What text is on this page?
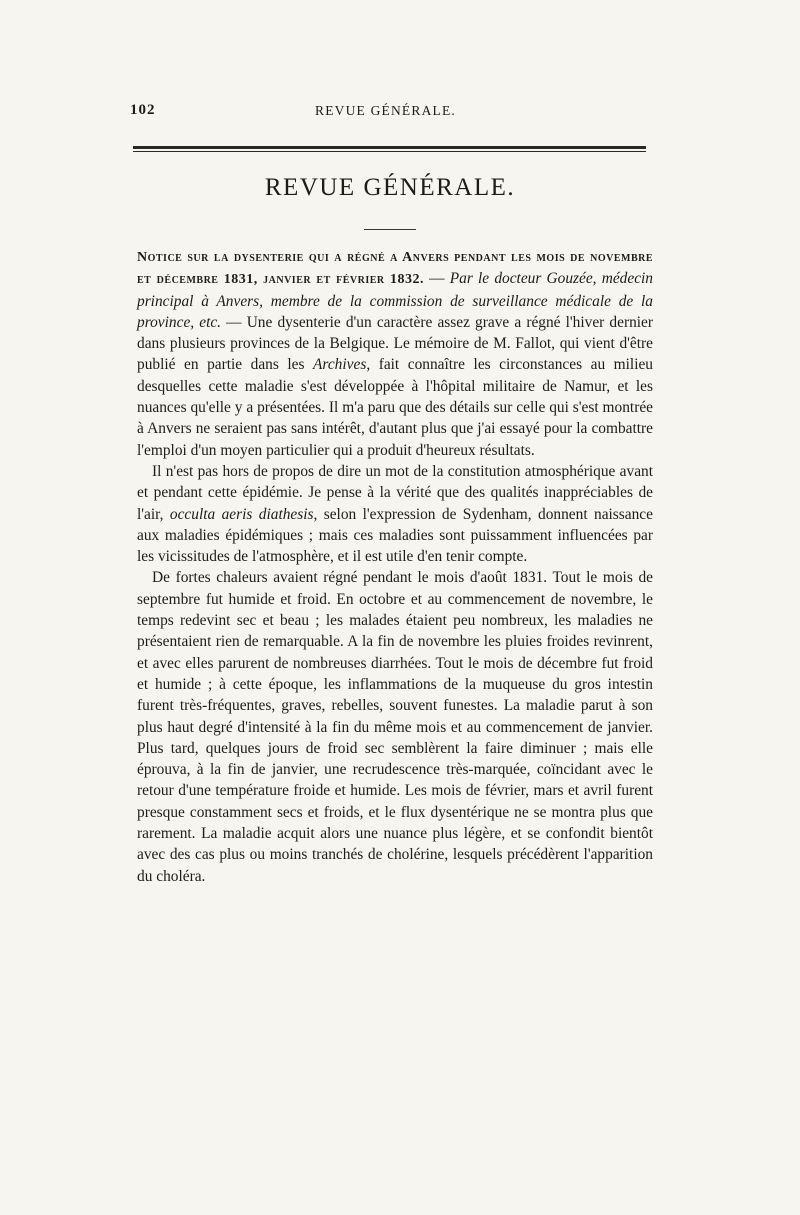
102	REVUE GÉNÉRALE.
REVUE GÉNÉRALE.

Notice sur la dysenterie qui a régné a Anvers pendant les mois de novembre et décembre 1831, janvier et février 1832. — Par le docteur Gouzée, médecin principal à Anvers, membre de la commission de surveillance médicale de la province, etc. — Une dysenterie d'un caractère assez grave a régné l'hiver dernier dans plusieurs provinces de la Belgique. Le mémoire de M. Fallot, qui vient d'être publié en partie dans les Archives, fait connaître les circonstances au milieu desquelles cette maladie s'est développée à l'hôpital militaire de Namur, et les nuances qu'elle y a présentées. Il m'a paru que des détails sur celle qui s'est montrée à Anvers ne seraient pas sans intérêt, d'autant plus que j'ai essayé pour la combattre l'emploi d'un moyen particulier qui a produit d'heureux résultats.

Il n'est pas hors de propos de dire un mot de la constitution atmosphérique avant et pendant cette épidémie. Je pense à la vérité que des qualités inappréciables de l'air, occulta aeris diathesis, selon l'expression de Sydenham, donnent naissance aux maladies épidémiques ; mais ces maladies sont puissamment influencées par les vicissitudes de l'atmosphère, et il est utile d'en tenir compte.

De fortes chaleurs avaient régné pendant le mois d'août 1831. Tout le mois de septembre fut humide et froid. En octobre et au commencement de novembre, le temps redevint sec et beau ; les malades étaient peu nombreux, les maladies ne présentaient rien de remarquable. A la fin de novembre les pluies froides revinrent, et avec elles parurent de nombreuses diarrhées. Tout le mois de décembre fut froid et humide ; à cette époque, les inflammations de la muqueuse du gros intestin furent très-fréquentes, graves, rebelles, souvent funestes. La maladie parut à son plus haut degré d'intensité à la fin du même mois et au commencement de janvier. Plus tard, quelques jours de froid sec semblèrent la faire diminuer ; mais elle éprouva, à la fin de janvier, une recrudescence très-marquée, coïncidant avec le retour d'une température froide et humide. Les mois de février, mars et avril furent presque constamment secs et froids, et le flux dysentérique ne se montra plus que rarement. La maladie acquit alors une nuance plus légère, et se confondit bientôt avec des cas plus ou moins tranchés de cholérine, lesquels précédèrent l'apparition du choléra.
